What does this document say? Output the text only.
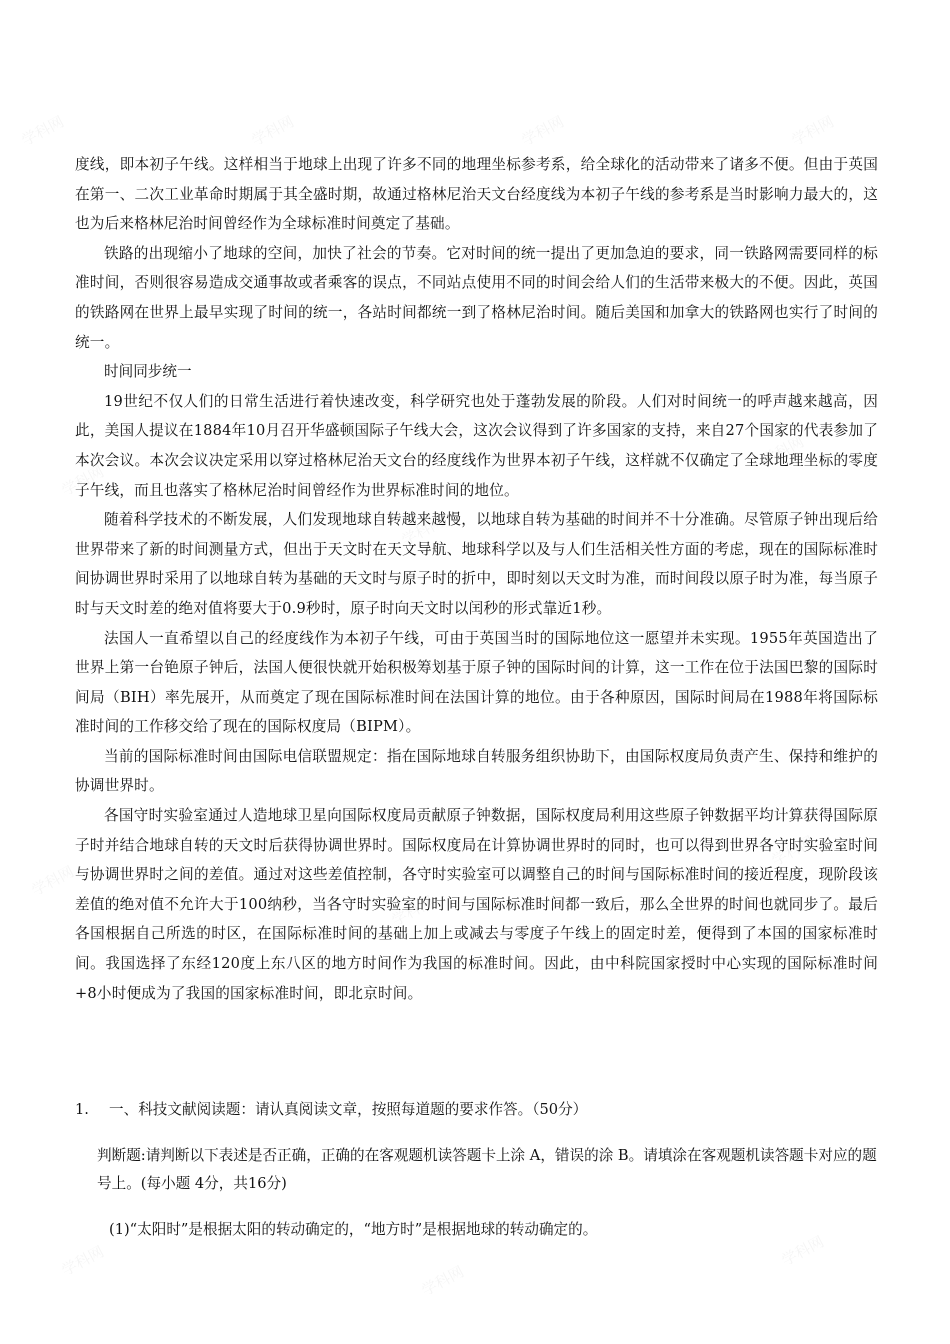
度线，即本初子午线。这样相当于地球上出现了许多不同的地理坐标参考系，给全球化的活动带来了诸多不便。但由于英国在第一、二次工业革命时期属于其全盛时期，故通过格林尼治天文台经度线为本初子午线的参考系是当时影响力最大的，这也为后来格林尼治时间曾经作为全球标准时间奠定了基础。

铁路的出现缩小了地球的空间，加快了社会的节奏。它对时间的统一提出了更加急迫的要求，同一铁路网需要同样的标准时间，否则很容易造成交通事故或者乘客的误点，不同站点使用不同的时间会给人们的生活带来极大的不便。因此，英国的铁路网在世界上最早实现了时间的统一，各站时间都统一到了格林尼治时间。随后美国和加拿大的铁路网也实行了时间的统一。

时间同步统一

19世纪不仅人们的日常生活进行着快速改变，科学研究也处于蓬勃发展的阶段。人们对时间统一的呼声越来越高，因此，美国人提议在1884年10月召开华盛顿国际子午线大会，这次会议得到了许多国家的支持，来自27个国家的代表参加了本次会议。本次会议决定采用以穿过格林尼治天文台的经度线作为世界本初子午线，这样就不仅确定了全球地理坐标的零度子午线，而且也落实了格林尼治时间曾经作为世界标准时间的地位。

随着科学技术的不断发展，人们发现地球自转越来越慢，以地球自转为基础的时间并不十分准确。尽管原子钟出现后给世界带来了新的时间测量方式，但出于天文时在天文导航、地球科学以及与人们生活相关性方面的考虑，现在的国际标准时间协调世界时采用了以地球自转为基础的天文时与原子时的折中，即时刻以天文时为准，而时间段以原子时为准，每当原子时与天文时差的绝对值将要大于0.9秒时，原子时向天文时以闰秒的形式靠近1秒。

法国人一直希望以自己的经度线作为本初子午线，可由于英国当时的国际地位这一愿望并未实现。1955年英国造出了世界上第一台铯原子钟后，法国人便很快就开始积极筹划基于原子钟的国际时间的计算，这一工作在位于法国巴黎的国际时间局（BIH）率先展开，从而奠定了现在国际标准时间在法国计算的地位。由于各种原因，国际时间局在1988年将国际标准时间的工作移交给了现在的国际权度局（BIPM）。

当前的国际标准时间由国际电信联盟规定：指在国际地球自转服务组织协助下，由国际权度局负责产生、保持和维护的协调世界时。

各国守时实验室通过人造地球卫星向国际权度局贡献原子钟数据，国际权度局利用这些原子钟数据平均计算获得国际原子时并结合地球自转的天文时后获得协调世界时。国际权度局在计算协调世界时的同时，也可以得到世界各守时实验室时间与协调世界时之间的差值。通过对这些差值控制，各守时实验室可以调整自己的时间与国际标准时间的接近程度，现阶段该差值的绝对值不允许大于100纳秒，当各守时实验室的时间与国际标准时间都一致后，那么全世界的时间也就同步了。最后各国根据自己所选的时区，在国际标准时间的基础上加上或减去与零度子午线上的固定时差，便得到了本国的国家标准时间。我国选择了东经120度上东八区的地方时间作为我国的标准时间。因此，由中科院国家授时中心实现的国际标准时间+8小时便成为了我国的国家标准时间，即北京时间。

1.	一、科技文献阅读题：请认真阅读文章，按照每道题的要求作答。（50分）
判断题:请判断以下表述是否正确，正确的在客观题机读答题卡上涂 A，错误的涂 B。请填涂在客观题机读答题卡对应的题号上。(每小题 4分，共16分)
(1)“太阳时”是根据太阳的转动确定的，“地方时”是根据地球的转动确定的。
